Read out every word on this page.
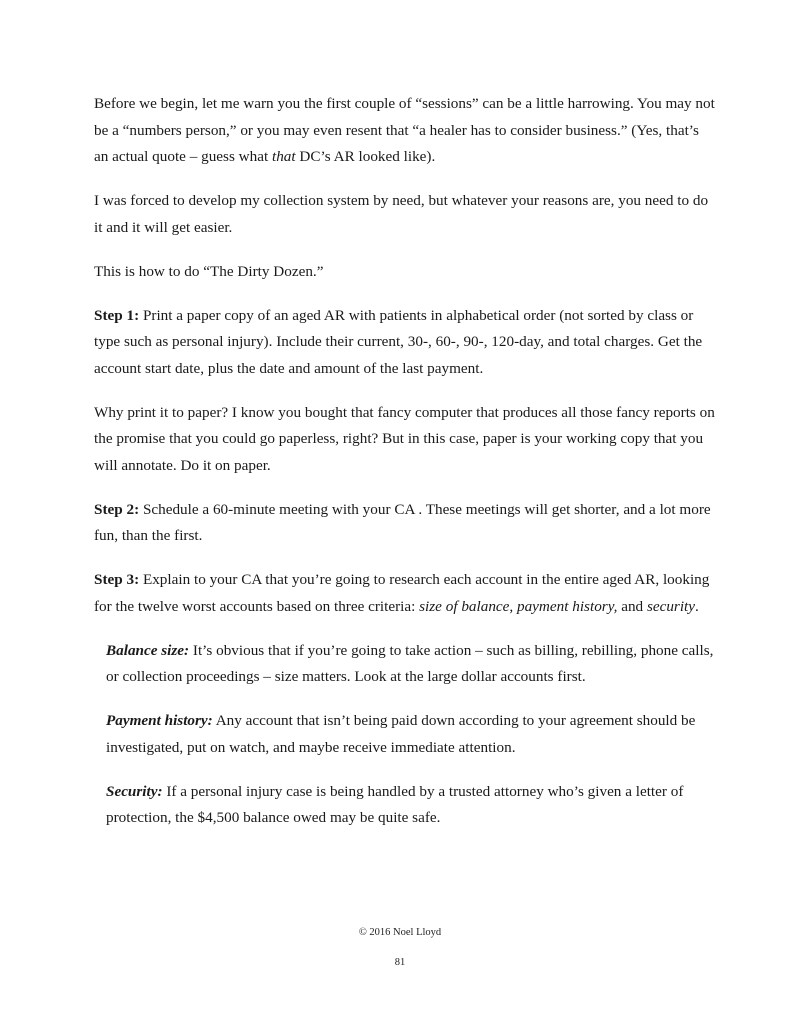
Before we begin, let me warn you the first couple of “sessions” can be a little harrowing. You may not be a “numbers person,” or you may even resent that “a healer has to consider business.” (Yes, that’s an actual quote – guess what that DC’s AR looked like).

I was forced to develop my collection system by need, but whatever your reasons are, you need to do it and it will get easier.

This is how to do “The Dirty Dozen.”

Step 1: Print a paper copy of an aged AR with patients in alphabetical order (not sorted by class or type such as personal injury). Include their current, 30-, 60-, 90-, 120-day, and total charges. Get the account start date, plus the date and amount of the last payment.

Why print it to paper? I know you bought that fancy computer that produces all those fancy reports on the promise that you could go paperless, right? But in this case, paper is your working copy that you will annotate. Do it on paper.

Step 2: Schedule a 60-minute meeting with your CA . These meetings will get shorter, and a lot more fun, than the first.

Step 3: Explain to your CA that you’re going to research each account in the entire aged AR, looking for the twelve worst accounts based on three criteria: size of balance, payment history, and security.

Balance size: It’s obvious that if you’re going to take action – such as billing, rebilling, phone calls, or collection proceedings – size matters. Look at the large dollar accounts first.

Payment history: Any account that isn’t being paid down according to your agreement should be investigated, put on watch, and maybe receive immediate attention.

Security: If a personal injury case is being handled by a trusted attorney who’s given a letter of protection, the $4,500 balance owed may be quite safe.

© 2016 Noel Lloyd
81
